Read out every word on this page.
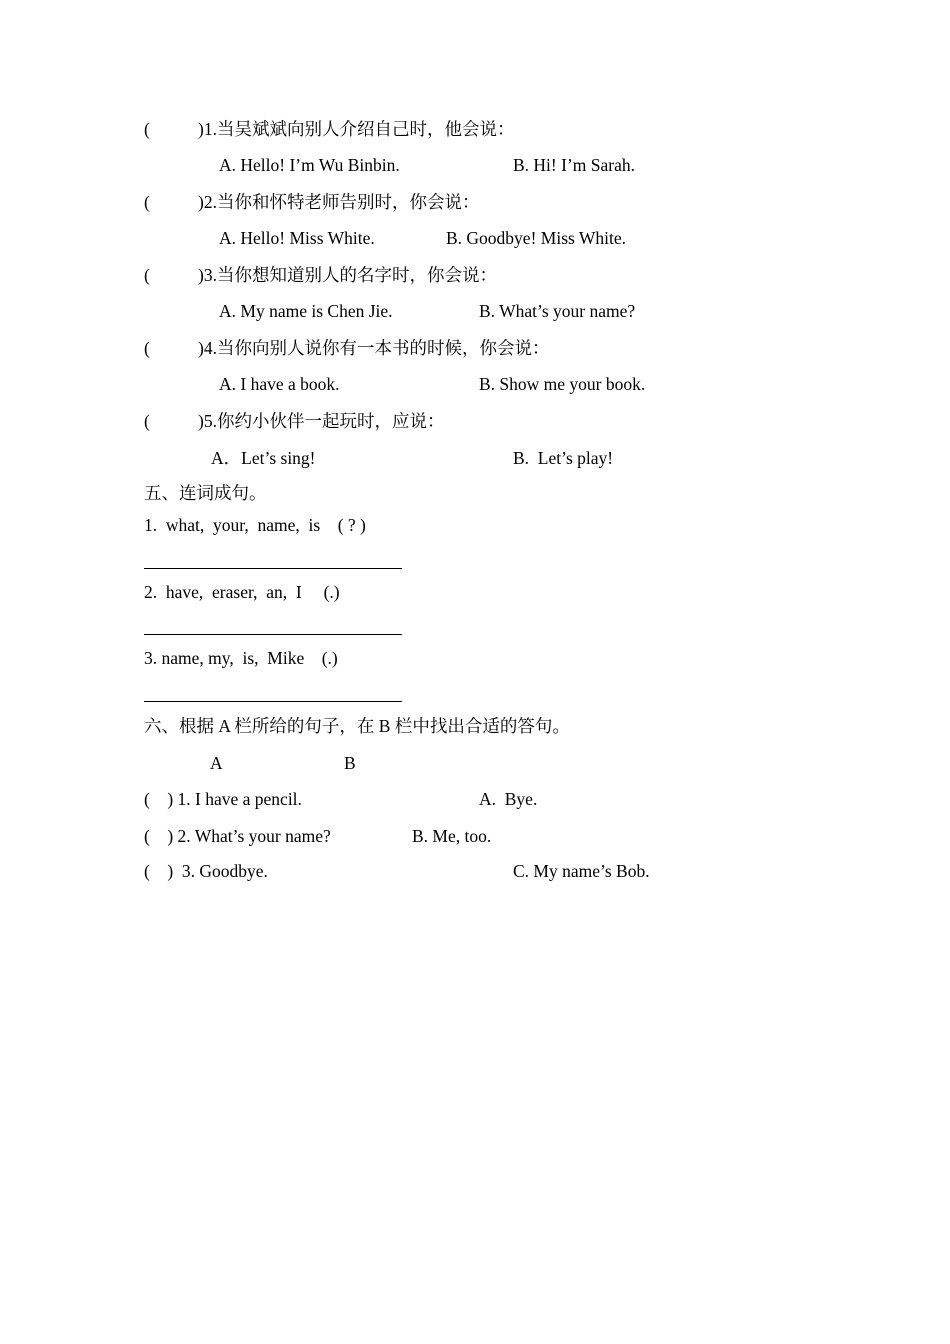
(	)1.当吴斌斌向别人介绍自己时，他会说：
A. Hello! I’m Wu Binbin.	B. Hi! I’m Sarah.
(	)2.当你和怀特老师告别时，你会说：
A. Hello! Miss White.	B. Goodbye! Miss White.
(	)3.当你想知道别人的名字时，你会说：
A. My name is Chen Jie.	B. What’s your name?
(	)4.当你向别人说你有一本书的时候，你会说：
A. I have a book.	B. Show me your book.
(	)5.你约小伙伴一起玩时，应说：
A．Let’s sing!	B.  Let’s play!
五、连词成句。
1.  what,  your,  name,  is    ( ? )
2.  have,  eraser,  an,  I     (.)
3. name, my,  is,  Mike    (.)
六、根据 A 栏所给的句子，在 B 栏中找出合适的答句。
A	B
(    ) 1. I have a pencil.	A.  Bye.
(    ) 2. What’s your name?	B. Me, too.
(    )  3. Goodbye.	C. My name’s Bob.
